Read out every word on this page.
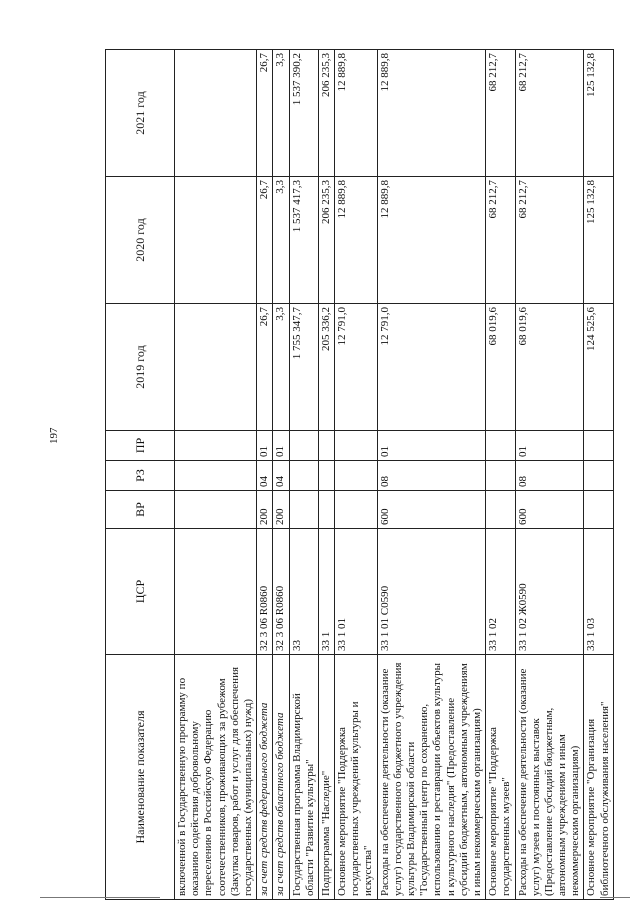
197
Наименование показателя	ЦСР	ВР	РЗ	ПР	2019 год	2020 год	2021 год
включенной в Государственную программу по оказанию содействия добровольному переселению в Российскую Федерацию соотечественников, проживающих за рубежом (Закупка товаров, работ и услуг для обеспечения государственных (муниципальных) нужд)							
за счет средств федерального бюджета	32 3 06 R0860	200	04	01	26,7	26,7	26,7
за счет средств областного бюджета	32 3 06 R0860	200	04	01	3,3	3,3	3,3
Государственная программа Владимирской области "Развитие культуры"	33				1 755 347,7	1 537 417,3	1 537 390,2
Подпрограмма "Наследие"	33 1				205 336,2	206 235,3	206 235,3
Основное мероприятие "Поддержка государственных учреждений культуры и искусства"	33 1 01				12 791,0	12 889,8	12 889,8
Расходы на обеспечение деятельности (оказание услуг) государственного бюджетного учреждения культуры Владимирской области "Государственный центр по сохранению, использованию и реставрации объектов культуры и культурного наследия" (Предоставление субсидий бюджетным, автономным учреждениям и иным некоммерческим организациям)	33 1 01 С0590	600	08	01	12 791,0	12 889,8	12 889,8
Основное мероприятие "Поддержка государственных музеев"	33 1 02				68 019,6	68 212,7	68 212,7
Расходы на обеспечение деятельности (оказание услуг) музеев и постоянных выставок (Предоставление субсидий бюджетным, автономным учреждениям и иным некоммерческим организациям)	33 1 02 Ж0590	600	08	01	68 019,6	68 212,7	68 212,7
Основное мероприятие "Организация библиотечного обслуживания населения"	33 1 03				124 525,6	125 132,8	125 132,8
